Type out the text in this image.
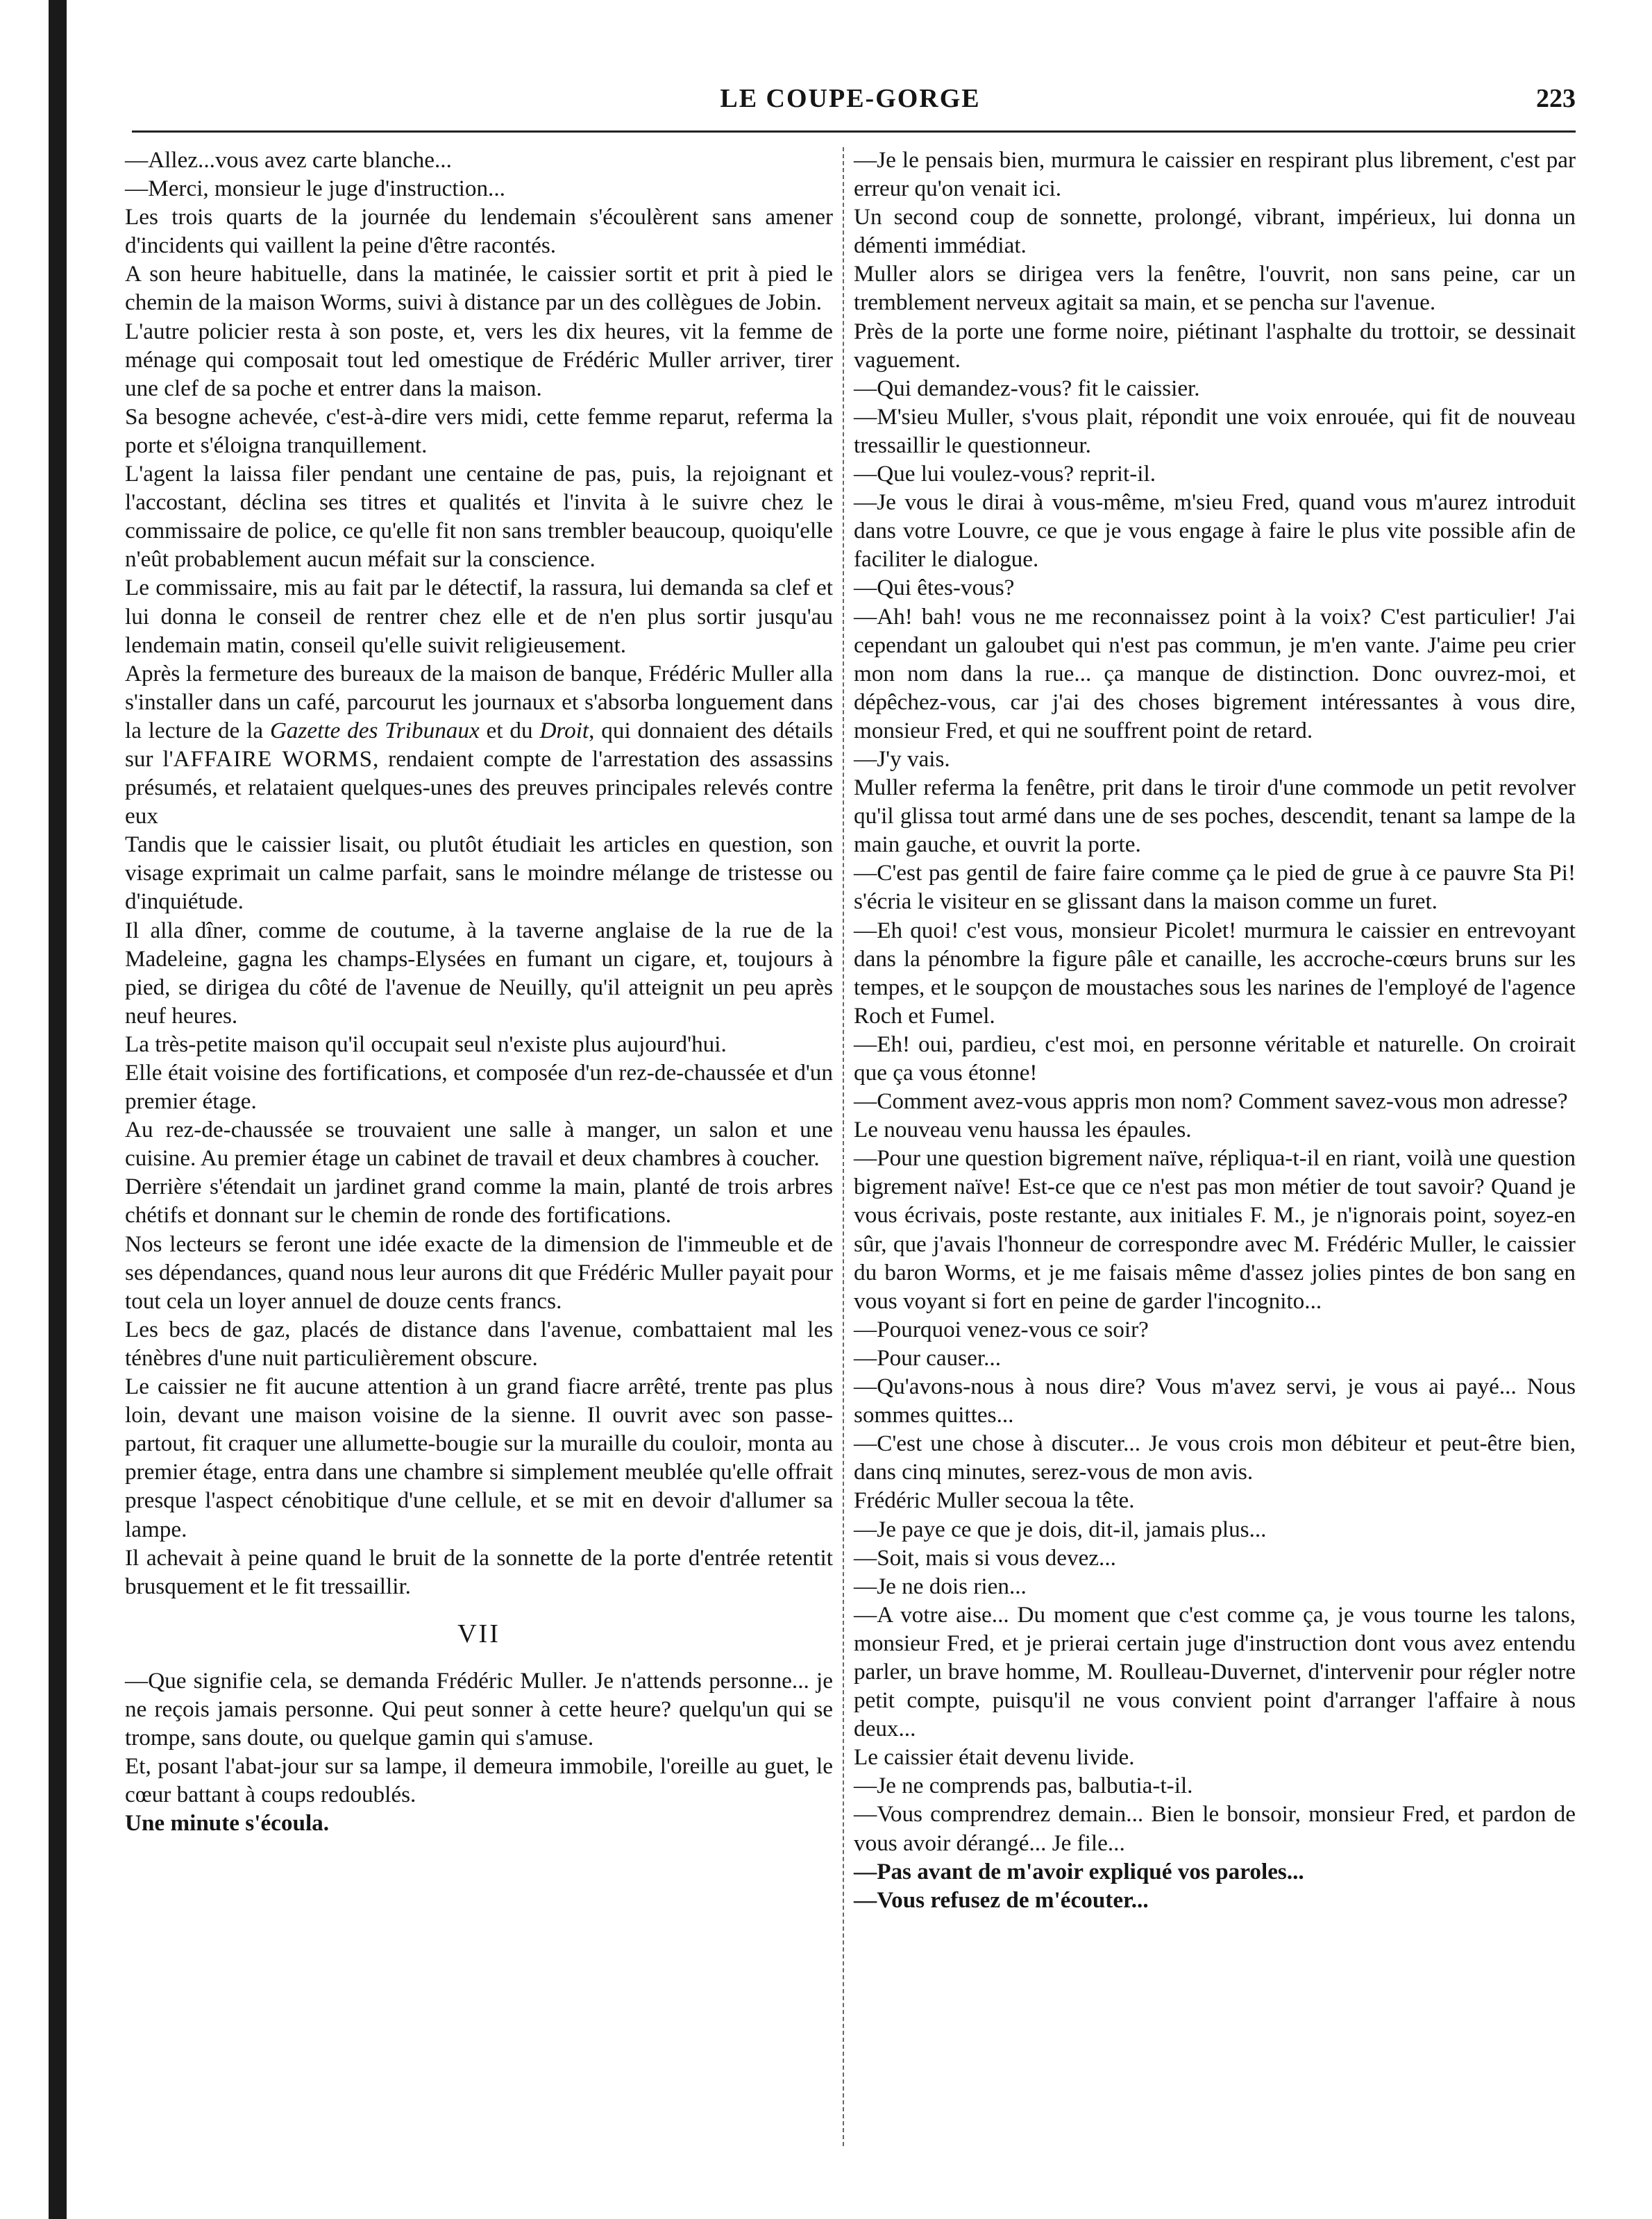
LE COUPE-GORGE	223

—Allez...vous avez carte blanche...

—Merci, monsieur le juge d'instruction...

Les trois quarts de la journée du lendemain s'écoulèrent sans amener d'incidents qui vaillent la peine d'être racontés.

A son heure habituelle, dans la matinée, le caissier sortit et prit à pied le chemin de la maison Worms, suivi à distance par un des collègues de Jobin.

L'autre policier resta à son poste, et, vers les dix heures, vit la femme de ménage qui composait tout led omestique de Frédéric Muller arriver, tirer une clef de sa poche et entrer dans la maison.

Sa besogne achevée, c'est-à-dire vers midi, cette femme reparut, referma la porte et s'éloigna tranquillement.

L'agent la laissa filer pendant une centaine de pas, puis, la rejoignant et l'accostant, déclina ses titres et qualités et l'invita à le suivre chez le commissaire de police, ce qu'elle fit non sans trembler beaucoup, quoiqu'elle n'eût probablement aucun méfait sur la conscience.

Le commissaire, mis au fait par le détectif, la rassura, lui demanda sa clef et lui donna le conseil de rentrer chez elle et de n'en plus sortir jusqu'au lendemain matin, conseil qu'elle suivit religieusement.

Après la fermeture des bureaux de la maison de banque, Frédéric Muller alla s'installer dans un café, parcourut les journaux et s'absorba longuement dans la lecture de la Gazette des Tribunaux et du Droit, qui donnaient des détails sur l'AFFAIRE WORMS, rendaient compte de l'arrestation des assassins présumés, et relataient quelques-unes des preuves principales relevés contre eux

Tandis que le caissier lisait, ou plutôt étudiait les articles en question, son visage exprimait un calme parfait, sans le moindre mélange de tristesse ou d'inquiétude.

Il alla dîner, comme de coutume, à la taverne anglaise de la rue de la Madeleine, gagna les champs-Elysées en fumant un cigare, et, toujours à pied, se dirigea du côté de l'avenue de Neuilly, qu'il atteignit un peu après neuf heures.

La très-petite maison qu'il occupait seul n'existe plus aujourd'hui.

Elle était voisine des fortifications, et composée d'un rez-de-chaussée et d'un premier étage.

Au rez-de-chaussée se trouvaient une salle à manger, un salon et une cuisine. Au premier étage un cabinet de travail et deux chambres à coucher.

Derrière s'étendait un jardinet grand comme la main, planté de trois arbres chétifs et donnant sur le chemin de ronde des fortifications.

Nos lecteurs se feront une idée exacte de la dimension de l'immeuble et de ses dépendances, quand nous leur aurons dit que Frédéric Muller payait pour tout cela un loyer annuel de douze cents francs.

Les becs de gaz, placés de distance dans l'avenue, combattaient mal les ténèbres d'une nuit particulièrement obscure.

Le caissier ne fit aucune attention à un grand fiacre arrêté, trente pas plus loin, devant une maison voisine de la sienne. Il ouvrit avec son passe-partout, fit craquer une allumette-bougie sur la muraille du couloir, monta au premier étage, entra dans une chambre si simplement meublée qu'elle offrait presque l'aspect cénobitique d'une cellule, et se mit en devoir d'allumer sa lampe.

Il achevait à peine quand le bruit de la sonnette de la porte d'entrée retentit brusquement et le fit tressaillir.

VII

—Que signifie cela, se demanda Frédéric Muller. Je n'attends personne... je ne reçois jamais personne. Qui peut sonner à cette heure? quelqu'un qui se trompe, sans doute, ou quelque gamin qui s'amuse.

Et, posant l'abat-jour sur sa lampe, il demeura immobile, l'oreille au guet, le cœur battant à coups redoublés.

Une minute s'écoula.

—Je le pensais bien, murmura le caissier en respirant plus librement, c'est par erreur qu'on venait ici.

Un second coup de sonnette, prolongé, vibrant, impérieux, lui donna un démenti immédiat.

Muller alors se dirigea vers la fenêtre, l'ouvrit, non sans peine, car un tremblement nerveux agitait sa main, et se pencha sur l'avenue.

Près de la porte une forme noire, piétinant l'asphalte du trottoir, se dessinait vaguement.

—Qui demandez-vous? fit le caissier.

—M'sieu Muller, s'vous plait, répondit une voix enrouée, qui fit de nouveau tressaillir le questionneur.

—Que lui voulez-vous? reprit-il.

—Je vous le dirai à vous-même, m'sieu Fred, quand vous m'aurez introduit dans votre Louvre, ce que je vous engage à faire le plus vite possible afin de faciliter le dialogue.

—Qui êtes-vous?

—Ah! bah! vous ne me reconnaissez point à la voix? C'est particulier! J'ai cependant un galoubet qui n'est pas commun, je m'en vante. J'aime peu crier mon nom dans la rue... ça manque de distinction. Donc ouvrez-moi, et dépêchez-vous, car j'ai des choses bigrement intéressantes à vous dire, monsieur Fred, et qui ne souffrent point de retard.

—J'y vais.

Muller referma la fenêtre, prit dans le tiroir d'une commode un petit revolver qu'il glissa tout armé dans une de ses poches, descendit, tenant sa lampe de la main gauche, et ouvrit la porte.

—C'est pas gentil de faire faire comme ça le pied de grue à ce pauvre Sta Pi! s'écria le visiteur en se glissant dans la maison comme un furet.

—Eh quoi! c'est vous, monsieur Picolet! murmura le caissier en entrevoyant dans la pénombre la figure pâle et canaille, les accroche-cœurs bruns sur les tempes, et le soupçon de moustaches sous les narines de l'employé de l'agence Roch et Fumel.

—Eh! oui, pardieu, c'est moi, en personne véritable et naturelle. On croirait que ça vous étonne!

—Comment avez-vous appris mon nom? Comment savez-vous mon adresse?

Le nouveau venu haussa les épaules.

—Pour une question bigrement naïve, répliqua-t-il en riant, voilà une question bigrement naïve! Est-ce que ce n'est pas mon métier de tout savoir? Quand je vous écrivais, poste restante, aux initiales F. M., je n'ignorais point, soyez-en sûr, que j'avais l'honneur de correspondre avec M. Frédéric Muller, le caissier du baron Worms, et je me faisais même d'assez jolies pintes de bon sang en vous voyant si fort en peine de garder l'incognito...

—Pourquoi venez-vous ce soir?

—Pour causer...

—Qu'avons-nous à nous dire? Vous m'avez servi, je vous ai payé... Nous sommes quittes...

—C'est une chose à discuter... Je vous crois mon débiteur et peut-être bien, dans cinq minutes, serez-vous de mon avis.

Frédéric Muller secoua la tête.

—Je paye ce que je dois, dit-il, jamais plus...

—Soit, mais si vous devez...

—Je ne dois rien...

—A votre aise... Du moment que c'est comme ça, je vous tourne les talons, monsieur Fred, et je prierai certain juge d'instruction dont vous avez entendu parler, un brave homme, M. Roulleau-Duvernet, d'intervenir pour régler notre petit compte, puisqu'il ne vous convient point d'arranger l'affaire à nous deux...

Le caissier était devenu livide.

—Je ne comprends pas, balbutia-t-il.

—Vous comprendrez demain... Bien le bonsoir, monsieur Fred, et pardon de vous avoir dérangé... Je file...

—Pas avant de m'avoir expliqué vos paroles...

—Vous refusez de m'écouter...
